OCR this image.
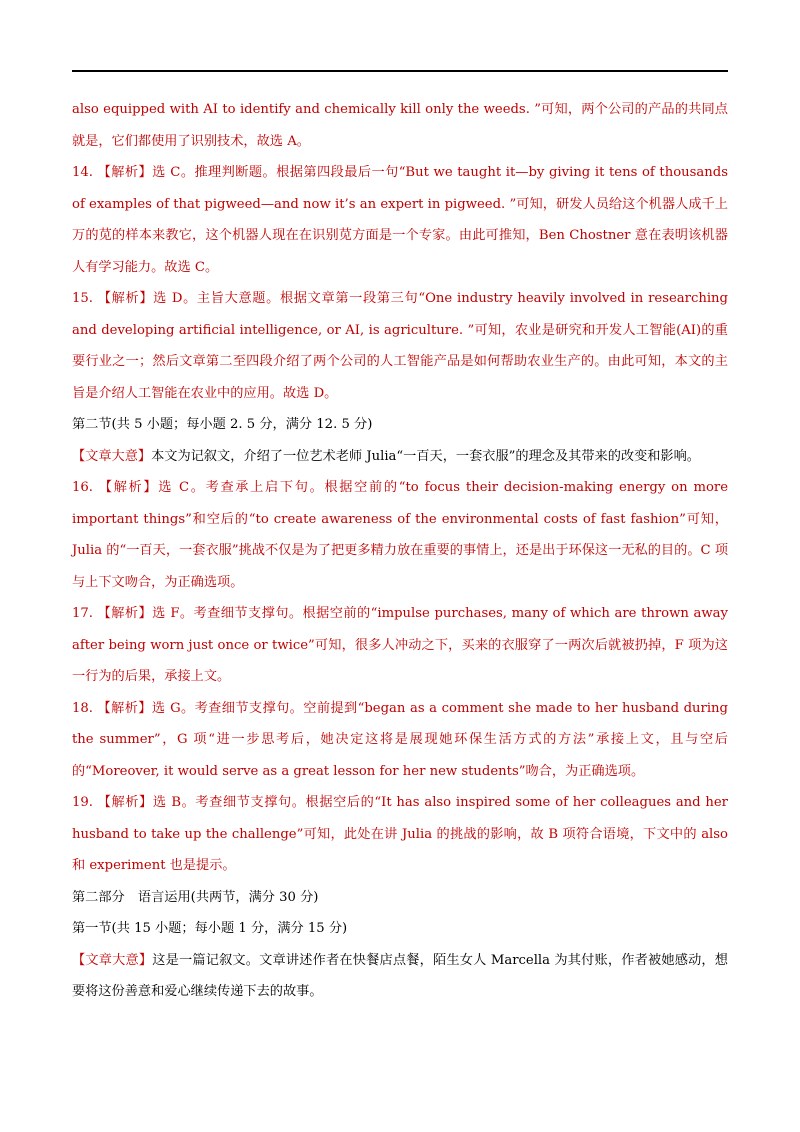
also equipped with AI to identify and chemically kill only the weeds. ”可知，两个公司的产品的共同点就是，它们都使用了识别技术，故选 A。

14. 【解析】选 C。推理判断题。根据第四段最后一句“But we taught it—by giving it tens of thousands of examples of that pigweed—and now it’s an expert in pigweed. ”可知，研发人员给这个机器人成千上万的苋的样本来教它，这个机器人现在在识别苋方面是一个专家。由此可推知，Ben Chostner 意在表明该机器人有学习能力。故选 C。

15. 【解析】选 D。主旨大意题。根据文章第一段第三句“One industry heavily involved in researching and developing artificial intelligence, or AI, is agriculture. ”可知，农业是研究和开发人工智能(AI)的重要行业之一；然后文章第二至四段介绍了两个公司的人工智能产品是如何帮助农业生产的。由此可知，本文的主旨是介绍人工智能在农业中的应用。故选 D。

第二节(共 5 小题；每小题 2. 5 分，满分 12. 5 分)

【文章大意】本文为记叙文，介绍了一位艺术老师 Julia“一百天，一套衣服”的理念及其带来的改变和影响。

16. 【解析】选 C。考查承上启下句。根据空前的“to focus their decision-making energy on more important things”和空后的“to create awareness of the environmental costs of fast fashion”可知， Julia 的“一百天，一套衣服”挑战不仅是为了把更多精力放在重要的事情上，还是出于环保这一无私的目的。C 项与上下文吻合，为正确选项。

17. 【解析】选 F。考查细节支撑句。根据空前的“impulse purchases, many of which are thrown away after being worn just once or twice”可知，很多人冲动之下，买来的衣服穿了一两次后就被扔掉，F 项为这一行为的后果，承接上文。

18. 【解析】选 G。考查细节支撑句。空前提到“began as a comment she made to her husband during the summer”，G 项“进一步思考后，她决定这将是展现她环保生活方式的方法”承接上文，且与空后的“Moreover, it would serve as a great lesson for her new students”吻合，为正确选项。

19. 【解析】选 B。考查细节支撑句。根据空后的“It has also inspired some of her colleagues and her husband to take up the challenge”可知，此处在讲 Julia 的挑战的影响，故 B 项符合语境，下文中的 also 和 experiment 也是提示。

第二部分　语言运用(共两节，满分 30 分)

第一节(共 15 小题；每小题 1 分，满分 15 分)

【文章大意】这是一篇记叙文。文章讲述作者在快餐店点餐，陌生女人 Marcella 为其付账，作者被她感动，想要将这份善意和爱心继续传递下去的故事。
